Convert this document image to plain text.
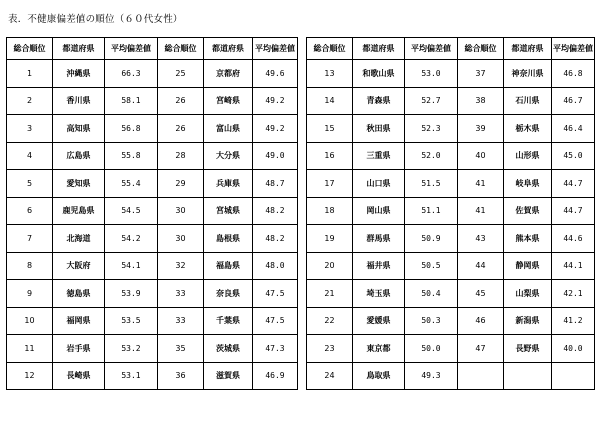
表．不健康偏差値の順位（６０代女性）
総合順位	都道府県	平均偏差値	総合順位	都道府県	平均偏差値
1	沖縄県	66.3	25	京都府	49.6
2	香川県	58.1	26	宮崎県	49.2
3	高知県	56.8	26	富山県	49.2
4	広島県	55.8	28	大分県	49.0
5	愛知県	55.4	29	兵庫県	48.7
6	鹿児島県	54.5	30	宮城県	48.2
7	北海道	54.2	30	島根県	48.2
8	大阪府	54.1	32	福島県	48.0
9	徳島県	53.9	33	奈良県	47.5
10	福岡県	53.5	33	千葉県	47.5
11	岩手県	53.2	35	茨城県	47.3
12	長崎県	53.1	36	滋賀県	46.9
総合順位	都道府県	平均偏差値	総合順位	都道府県	平均偏差値
13	和歌山県	53.0	37	神奈川県	46.8
14	青森県	52.7	38	石川県	46.7
15	秋田県	52.3	39	栃木県	46.4
16	三重県	52.0	40	山形県	45.0
17	山口県	51.5	41	岐阜県	44.7
18	岡山県	51.1	41	佐賀県	44.7
19	群馬県	50.9	43	熊本県	44.6
20	福井県	50.5	44	静岡県	44.1
21	埼玉県	50.4	45	山梨県	42.1
22	愛媛県	50.3	46	新潟県	41.2
23	東京都	50.0	47	長野県	40.0
24	鳥取県	49.3			
